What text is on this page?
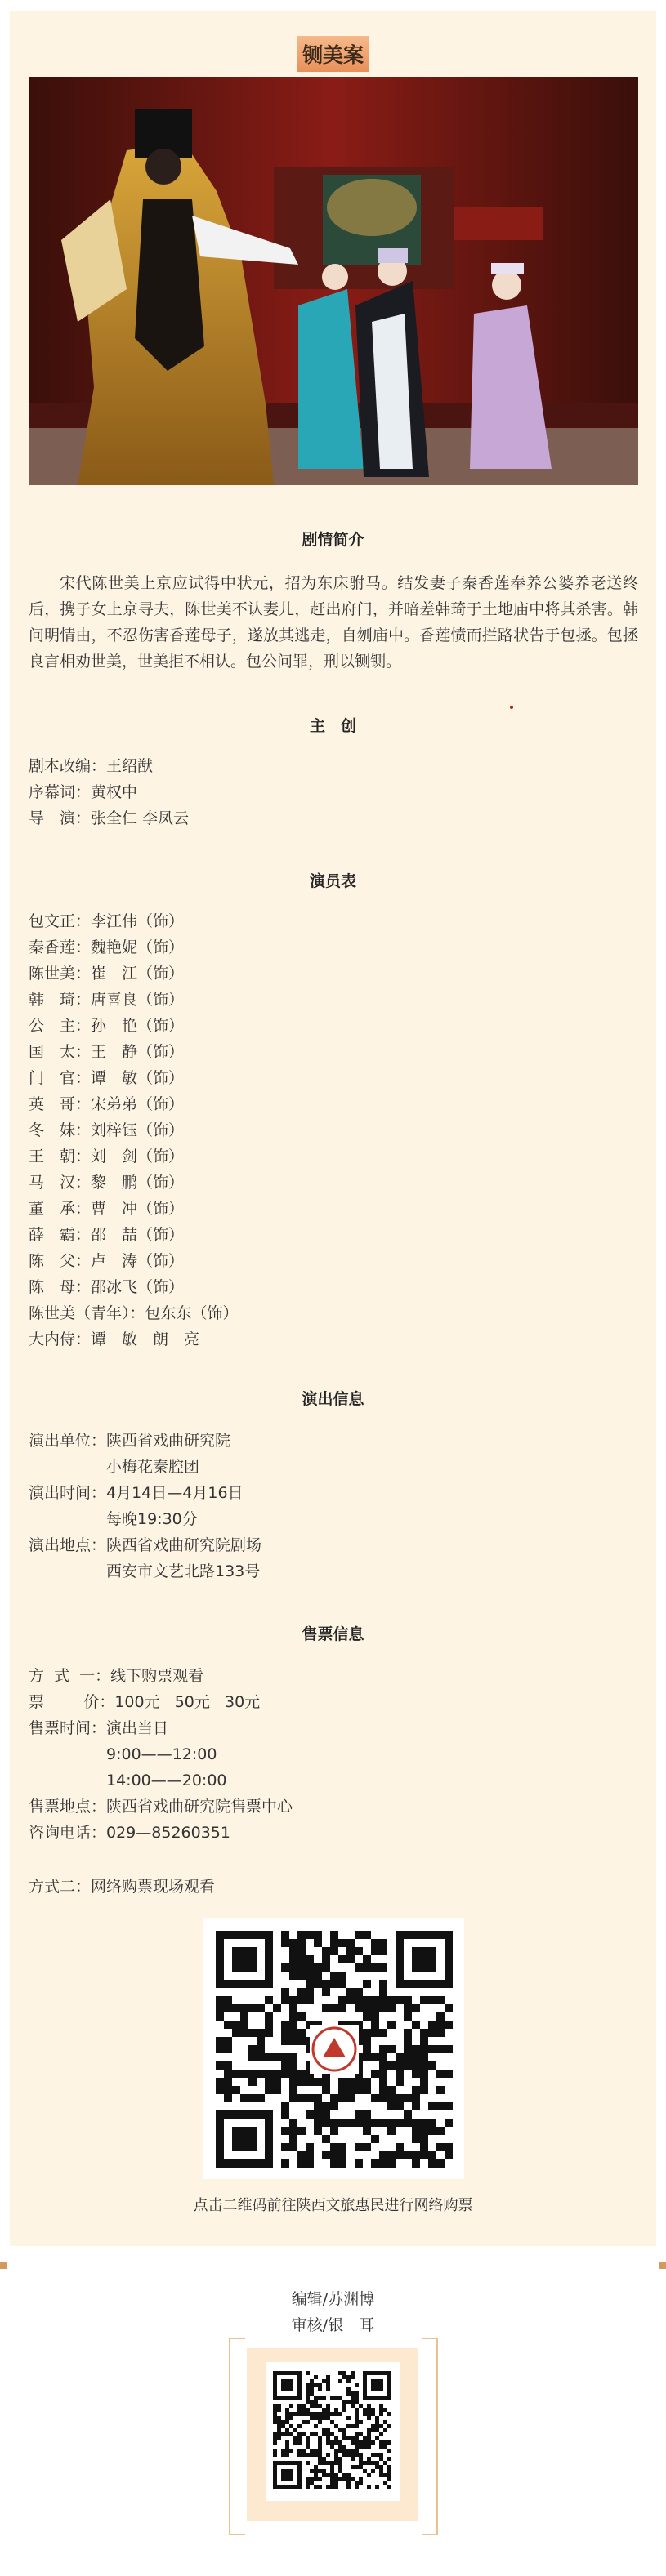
铡美案
剧情简介
宋代陈世美上京应试得中状元，招为东床驸马。结发妻子秦香莲奉养公婆养老送终后，携子女上京寻夫，陈世美不认妻儿，赶出府门，并暗差韩琦于土地庙中将其杀害。韩问明情由，不忍伤害香莲母子，遂放其逃走，自刎庙中。香莲愤而拦路状告于包拯。包拯良言相劝世美，世美拒不相认。包公问罪，刑以铡铡。
主　创
剧本改编：王绍猷
序幕词：黄权中
导　演：张全仁 李凤云
演员表
包文正：李江伟（饰）
秦香莲：魏艳妮（饰）
陈世美：崔　江（饰）
韩　琦：唐喜良（饰）
公　主：孙　艳（饰）
国　太：王　静（饰）
门　官：谭　敏（饰）
英　哥：宋弟弟（饰）
冬　妹：刘梓钰（饰）
王　朝：刘　剑（饰）
马　汉：黎　鹏（饰）
董　承：曹　冲（饰）
薛　霸：邵　喆（饰）
陈　父：卢　涛（饰）
陈　母：邵冰飞（饰）
陈世美（青年）：包东东（饰）
大内侍：谭　敏　朗　亮
演出信息
演出单位：陕西省戏曲研究院
　　　　　小梅花秦腔团
演出时间：4月14日—4月16日
　　　　　每晚19:30分
演出地点：陕西省戏曲研究院剧场
　　　　　西安市文艺北路133号
售票信息
方  式  一：线下购票观看
票        价：100元   50元   30元
售票时间：演出当日
　　　　　9:00——12:00
　　　　　14:00——20:00
售票地点：陕西省戏曲研究院售票中心
咨询电话：029—85260351
方式二：网络购票现场观看
点击二维码前往陕西文旅惠民进行网络购票
编辑/苏渊博
审核/银　耳
